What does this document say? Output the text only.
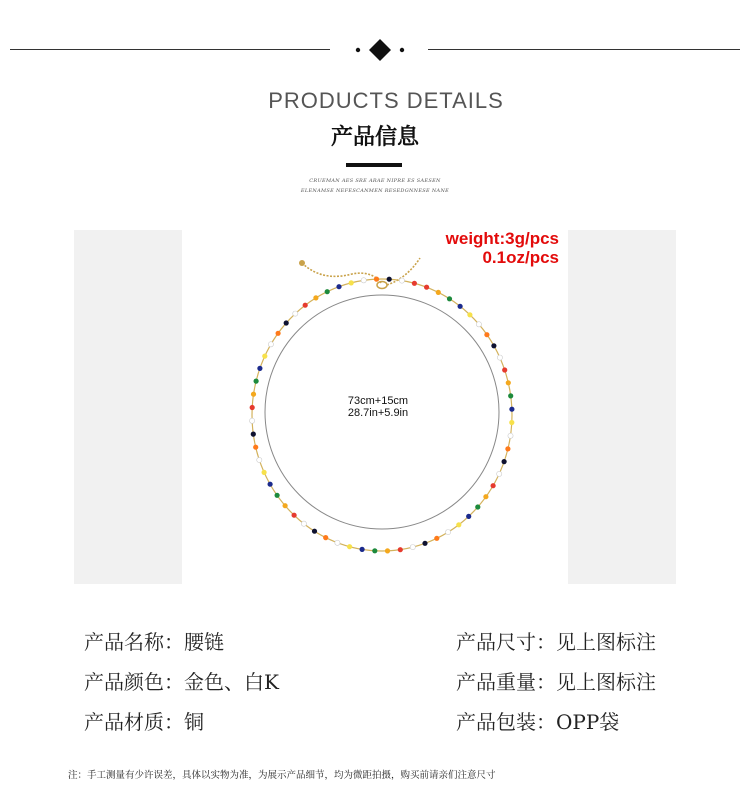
PRODUCTS DETAILS
产品信息
CRUEMAN AES SRE ARAE NIPRE ES SAESEN
ELENAMSE NEFESCANMEN RESEDGNNESE NANE
weight:3g/pcs
0.1oz/pcs
73cm+15cm
28.7in+5.9in
产品名称：腰链
产品颜色：金色、白K
产品材质：铜
产品尺寸：见上图标注
产品重量：见上图标注
产品包装：OPP袋
注：手工测量有少许误差，具体以实物为准，为展示产品细节，均为微距拍摄，购买前请亲们注意尺寸
